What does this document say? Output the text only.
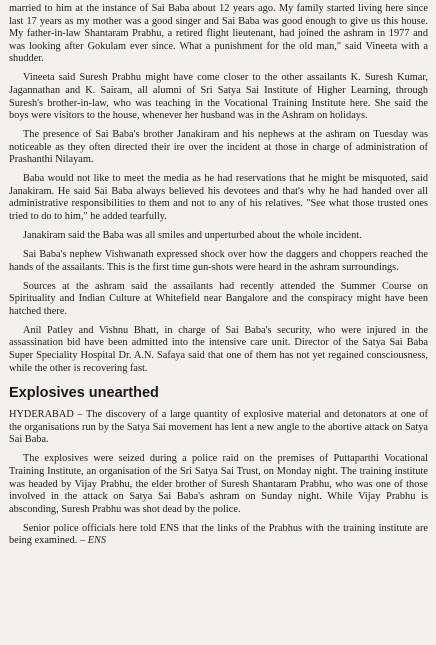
married to him at the instance of Sai Baba about 12 years ago. My family started living here since last 17 years as my mother was a good singer and Sai Baba was good enough to give us this house. My father-in-law Shantaram Prabhu, a retired flight lieutenant, had joined the ashram in 1977 and was looking after Gokulam ever since. What a punishment for the old man," said Vineeta with a shudder.

Vineeta said Suresh Prabhu might have come closer to the other assailants K. Suresh Kumar, Jagannathan and K. Sairam, all alumni of Sri Satya Sai Institute of Higher Learning, through Suresh's brother-in-law, who was teaching in the Vocational Training Institute here. She said the boys were visitors to the house, whenever her husband was in the Ashram on holidays.

The presence of Sai Baba's brother Janakiram and his nephews at the ashram on Tuesday was noticeable as they often directed their ire over the incident at those in charge of administration of Prashanthi Nilayam.

Baba would not like to meet the media as he had reservations that he might be misquoted, said Janakiram. He said Sai Baba always believed his devotees and that's why he had handed over all administrative responsibilities to them and not to any of his relatives. "See what those trusted ones tried to do to him," he added tearfully.

Janakiram said the Baba was all smiles and unperturbed about the whole incident.

Sai Baba's nephew Vishwanath expressed shock over how the daggers and choppers reached the hands of the assailants. This is the first time gun-shots were heard in the ashram surroundings.

Sources at the ashram said the assailants had recently attended the Summer Course on Spirituality and Indian Culture at Whitefield near Bangalore and the conspiracy might have been hatched there.

Anil Patley and Vishnu Bhatt, in charge of Sai Baba's security, who were injured in the assassination bid have been admitted into the intensive care unit. Director of the Satya Sai Baba Super Speciality Hospital Dr. A.N. Safaya said that one of them has not yet regained consciousness, while the other is recovering fast.

Explosives unearthed

HYDERABAD – The discovery of a large quantity of explosive material and detonators at one of the organisations run by the Satya Sai movement has lent a new angle to the abortive attack on Satya Sai Baba.

The explosives were seized during a police raid on the premises of Puttaparthi Vocational Training Institute, an organisation of the Sri Satya Sai Trust, on Monday night. The training institute was headed by Vijay Prabhu, the elder brother of Suresh Shantaram Prabhu, who was one of those involved in the attack on Satya Sai Baba's ashram on Sunday night. While Vijay Prabhu is absconding, Suresh Prabhu was shot dead by the police.

Senior police officials here told ENS that the links of the Prabhus with the training institute are being examined. – ENS
